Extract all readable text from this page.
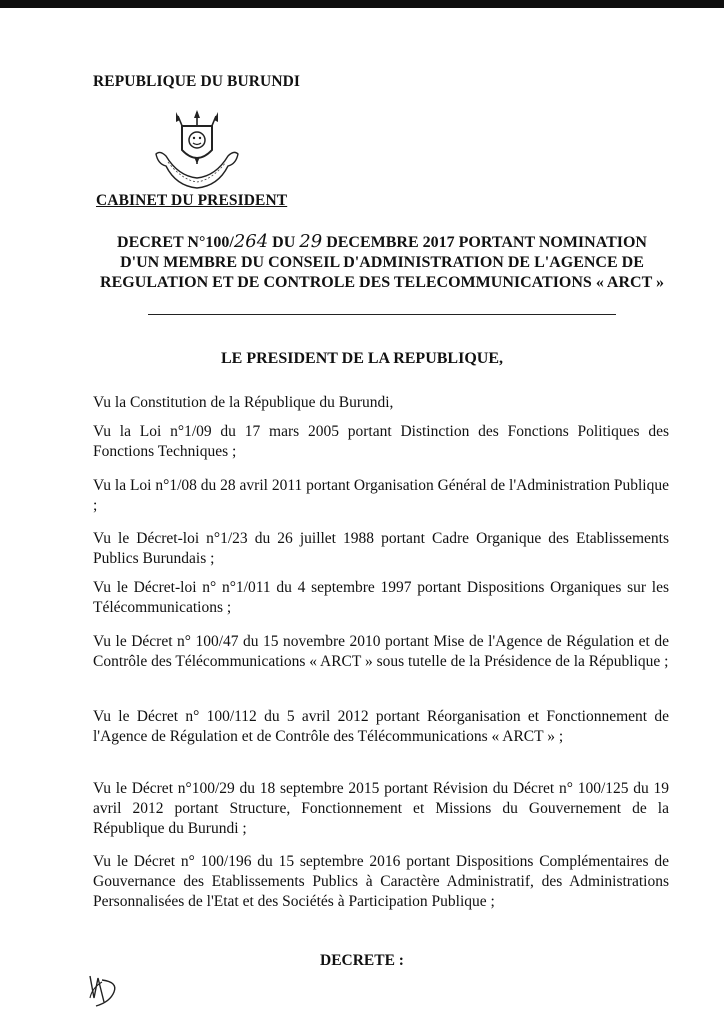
REPUBLIQUE DU BURUNDI
CABINET DU PRESIDENT
DECRET N°100/264 DU 29 DECEMBRE 2017 PORTANT NOMINATION
D'UN MEMBRE DU CONSEIL D'ADMINISTRATION DE L'AGENCE DE
REGULATION ET DE CONTROLE DES TELECOMMUNICATIONS « ARCT »
LE PRESIDENT DE LA REPUBLIQUE,

Vu la Constitution de la République du Burundi,

Vu la Loi n°1/09 du 17 mars 2005 portant Distinction des Fonctions Politiques des Fonctions Techniques ;

Vu la Loi n°1/08 du 28 avril 2011 portant Organisation Général de l'Administration Publique ;

Vu le Décret-loi n°1/23 du 26 juillet 1988 portant Cadre Organique des Etablissements Publics Burundais ;

Vu le Décret-loi n° n°1/011 du 4 septembre 1997 portant Dispositions Organiques sur les Télécommunications ;

Vu le Décret n° 100/47 du 15 novembre 2010 portant Mise de l'Agence de Régulation et de Contrôle des Télécommunications « ARCT » sous tutelle de la Présidence de la République ;

Vu le Décret n° 100/112 du 5 avril 2012 portant Réorganisation et Fonctionnement de l'Agence de Régulation et de Contrôle des Télécommunications « ARCT » ;

Vu le Décret n°100/29 du 18 septembre 2015 portant Révision du Décret n° 100/125 du 19 avril 2012 portant Structure, Fonctionnement et Missions du Gouvernement de la République du Burundi ;

Vu le Décret n° 100/196 du 15 septembre 2016 portant Dispositions Complémentaires de Gouvernance des Etablissements Publics à Caractère Administratif, des Administrations Personnalisées de l'Etat et des Sociétés à Participation Publique ;

DECRETE :
